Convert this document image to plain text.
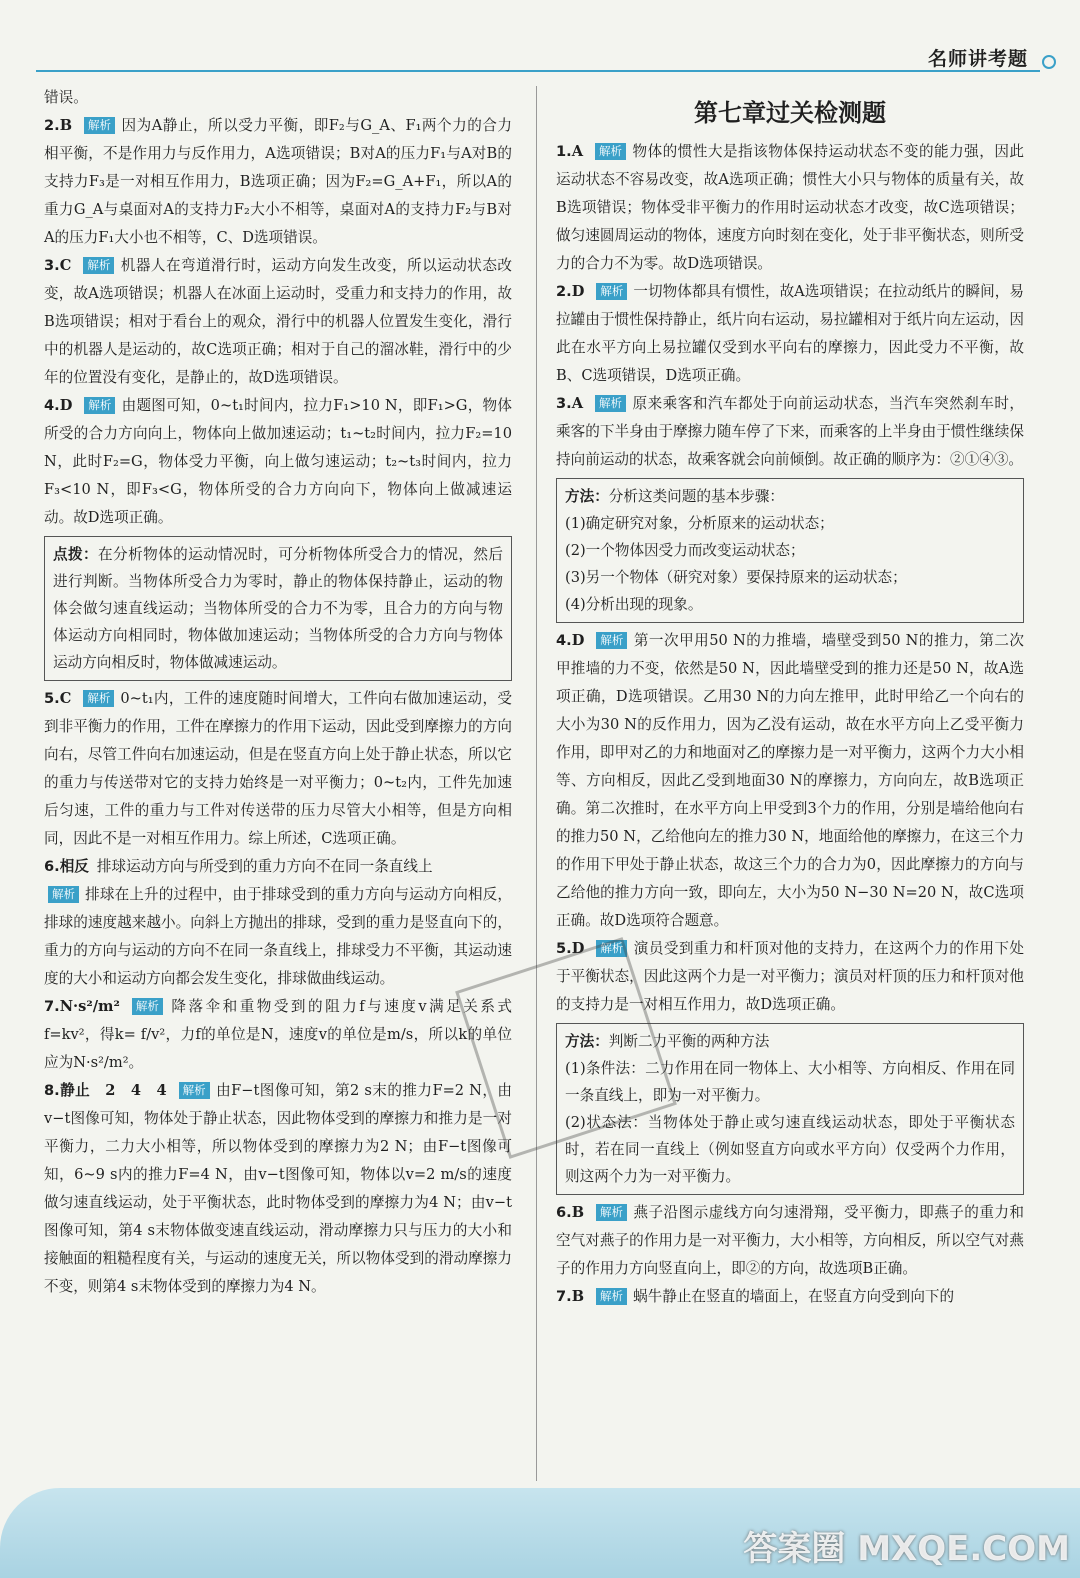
名师讲考题
错误。
2.B 解析 因为A静止，所以受力平衡，即F₂与G_A、F₁两个力的合力相平衡，不是作用力与反作用力，A选项错误；B对A的压力F₁与A对B的支持力F₃是一对相互作用力，B选项正确；因为F₂=G_A+F₁，所以A的重力G_A与桌面对A的支持力F₂大小不相等，桌面对A的支持力F₂与B对A的压力F₁大小也不相等，C、D选项错误。
3.C 解析 机器人在弯道滑行时，运动方向发生改变，所以运动状态改变，故A选项错误；机器人在冰面上运动时，受重力和支持力的作用，故B选项错误；相对于看台上的观众，滑行中的机器人位置发生变化，滑行中的机器人是运动的，故C选项正确；相对于自己的溜冰鞋，滑行中的少年的位置没有变化，是静止的，故D选项错误。
4.D 解析 由题图可知，0~t₁时间内，拉力F₁>10 N，即F₁>G，物体所受的合力方向向上，物体向上做加速运动；t₁~t₂时间内，拉力F₂=10 N，此时F₂=G，物体受力平衡，向上做匀速运动；t₂~t₃时间内，拉力F₃<10 N，即F₃<G，物体所受的合力方向向下，物体向上做减速运动。故D选项正确。
点拨：在分析物体的运动情况时，可分析物体所受合力的情况，然后进行判断。当物体所受合力为零时，静止的物体保持静止，运动的物体会做匀速直线运动；当物体所受的合力不为零，且合力的方向与物体运动方向相同时，物体做加速运动；当物体所受的合力方向与物体运动方向相反时，物体做减速运动。
5.C 解析 0~t₁内，工件的速度随时间增大，工件向右做加速运动，受到非平衡力的作用，工件在摩擦力的作用下运动，因此受到摩擦力的方向向右，尽管工件向右加速运动，但是在竖直方向上处于静止状态，所以它的重力与传送带对它的支持力始终是一对平衡力；0~t₂内，工件先加速后匀速，工件的重力与工件对传送带的压力尽管大小相等，但是方向相同，因此不是一对相互作用力。综上所述，C选项正确。
6.相反 排球运动方向与所受到的重力方向不在同一条直线上
解析 排球在上升的过程中，由于排球受到的重力方向与运动方向相反，排球的速度越来越小。向斜上方抛出的排球，受到的重力是竖直向下的，重力的方向与运动的方向不在同一条直线上，排球受力不平衡，其运动速度的大小和运动方向都会发生变化，排球做曲线运动。
7.N·s²/m² 解析 降落伞和重物受到的阻力f与速度v满足关系式f=kv²，得k= f/v²，力f的单位是N，速度v的单位是m/s，所以k的单位应为N·s²/m²。
8.静止　2　4　4 解析 由F−t图像可知，第2 s末的推力F=2 N，由v−t图像可知，物体处于静止状态，因此物体受到的摩擦力和推力是一对平衡力，二力大小相等，所以物体受到的摩擦力为2 N；由F−t图像可知，6~9 s内的推力F=4 N，由v−t图像可知，物体以v=2 m/s的速度做匀速直线运动，处于平衡状态，此时物体受到的摩擦力为4 N；由v−t图像可知，第4 s末物体做变速直线运动，滑动摩擦力只与压力的大小和接触面的粗糙程度有关，与运动的速度无关，所以物体受到的滑动摩擦力不变，则第4 s末物体受到的摩擦力为4 N。
第七章过关检测题
1.A 解析 物体的惯性大是指该物体保持运动状态不变的能力强，因此运动状态不容易改变，故A选项正确；惯性大小只与物体的质量有关，故B选项错误；物体受非平衡力的作用时运动状态才改变，故C选项错误；做匀速圆周运动的物体，速度方向时刻在变化，处于非平衡状态，则所受力的合力不为零。故D选项错误。
2.D 解析 一切物体都具有惯性，故A选项错误；在拉动纸片的瞬间，易拉罐由于惯性保持静止，纸片向右运动，易拉罐相对于纸片向左运动，因此在水平方向上易拉罐仅受到水平向右的摩擦力，因此受力不平衡，故B、C选项错误，D选项正确。
3.A 解析 原来乘客和汽车都处于向前运动状态，当汽车突然刹车时，乘客的下半身由于摩擦力随车停了下来，而乘客的上半身由于惯性继续保持向前运动的状态，故乘客就会向前倾倒。故正确的顺序为：②①④③。
方法：分析这类问题的基本步骤：
(1)确定研究对象，分析原来的运动状态；
(2)一个物体因受力而改变运动状态；
(3)另一个物体（研究对象）要保持原来的运动状态；
(4)分析出现的现象。
4.D 解析 第一次甲用50 N的力推墙，墙壁受到50 N的推力，第二次甲推墙的力不变，依然是50 N，因此墙壁受到的推力还是50 N，故A选项正确，D选项错误。乙用30 N的力向左推甲，此时甲给乙一个向右的大小为30 N的反作用力，因为乙没有运动，故在水平方向上乙受平衡力作用，即甲对乙的力和地面对乙的摩擦力是一对平衡力，这两个力大小相等、方向相反，因此乙受到地面30 N的摩擦力，方向向左，故B选项正确。第二次推时，在水平方向上甲受到3个力的作用，分别是墙给他向右的推力50 N，乙给他向左的推力30 N，地面给他的摩擦力，在这三个力的作用下甲处于静止状态，故这三个力的合力为0，因此摩擦力的方向与乙给他的推力方向一致，即向左，大小为50 N−30 N=20 N，故C选项正确。故D选项符合题意。
5.D 解析 演员受到重力和杆顶对他的支持力，在这两个力的作用下处于平衡状态，因此这两个力是一对平衡力；演员对杆顶的压力和杆顶对他的支持力是一对相互作用力，故D选项正确。
方法：判断二力平衡的两种方法
(1)条件法：二力作用在同一物体上、大小相等、方向相反、作用在同一条直线上，即为一对平衡力。
(2)状态法：当物体处于静止或匀速直线运动状态，即处于平衡状态时，若在同一直线上（例如竖直方向或水平方向）仅受两个力作用，则这两个力为一对平衡力。
6.B 解析 燕子沿图示虚线方向匀速滑翔，受平衡力，即燕子的重力和空气对燕子的作用力是一对平衡力，大小相等，方向相反，所以空气对燕子的作用力方向竖直向上，即②的方向，故选项B正确。
7.B 解析 蜗牛静止在竖直的墙面上，在竖直方向受到向下的
答案圈 MXQE.COM
